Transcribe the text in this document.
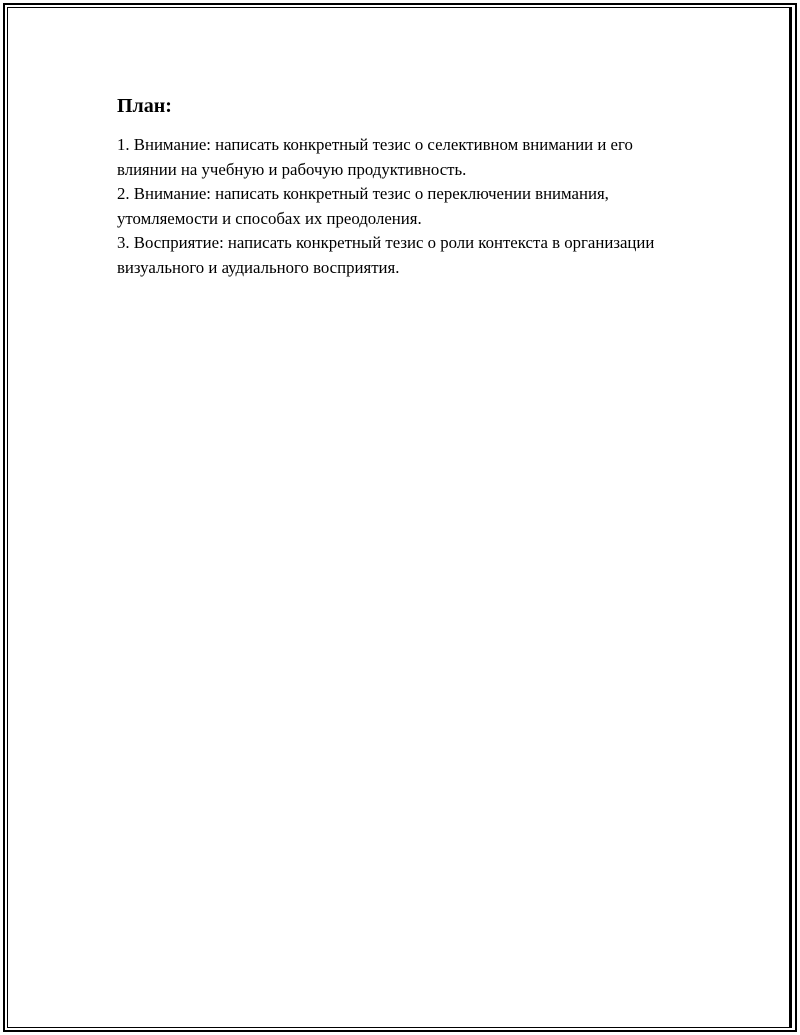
План:
1. Внимание: написать конкретный тезис о селективном внимании и его влиянии на учебную и рабочую продуктивность.
2. Внимание: написать конкретный тезис о переключении внимания, утомляемости и способах их преодоления.
3. Восприятие: написать конкретный тезис о роли контекста в организации визуального и аудиального восприятия.
